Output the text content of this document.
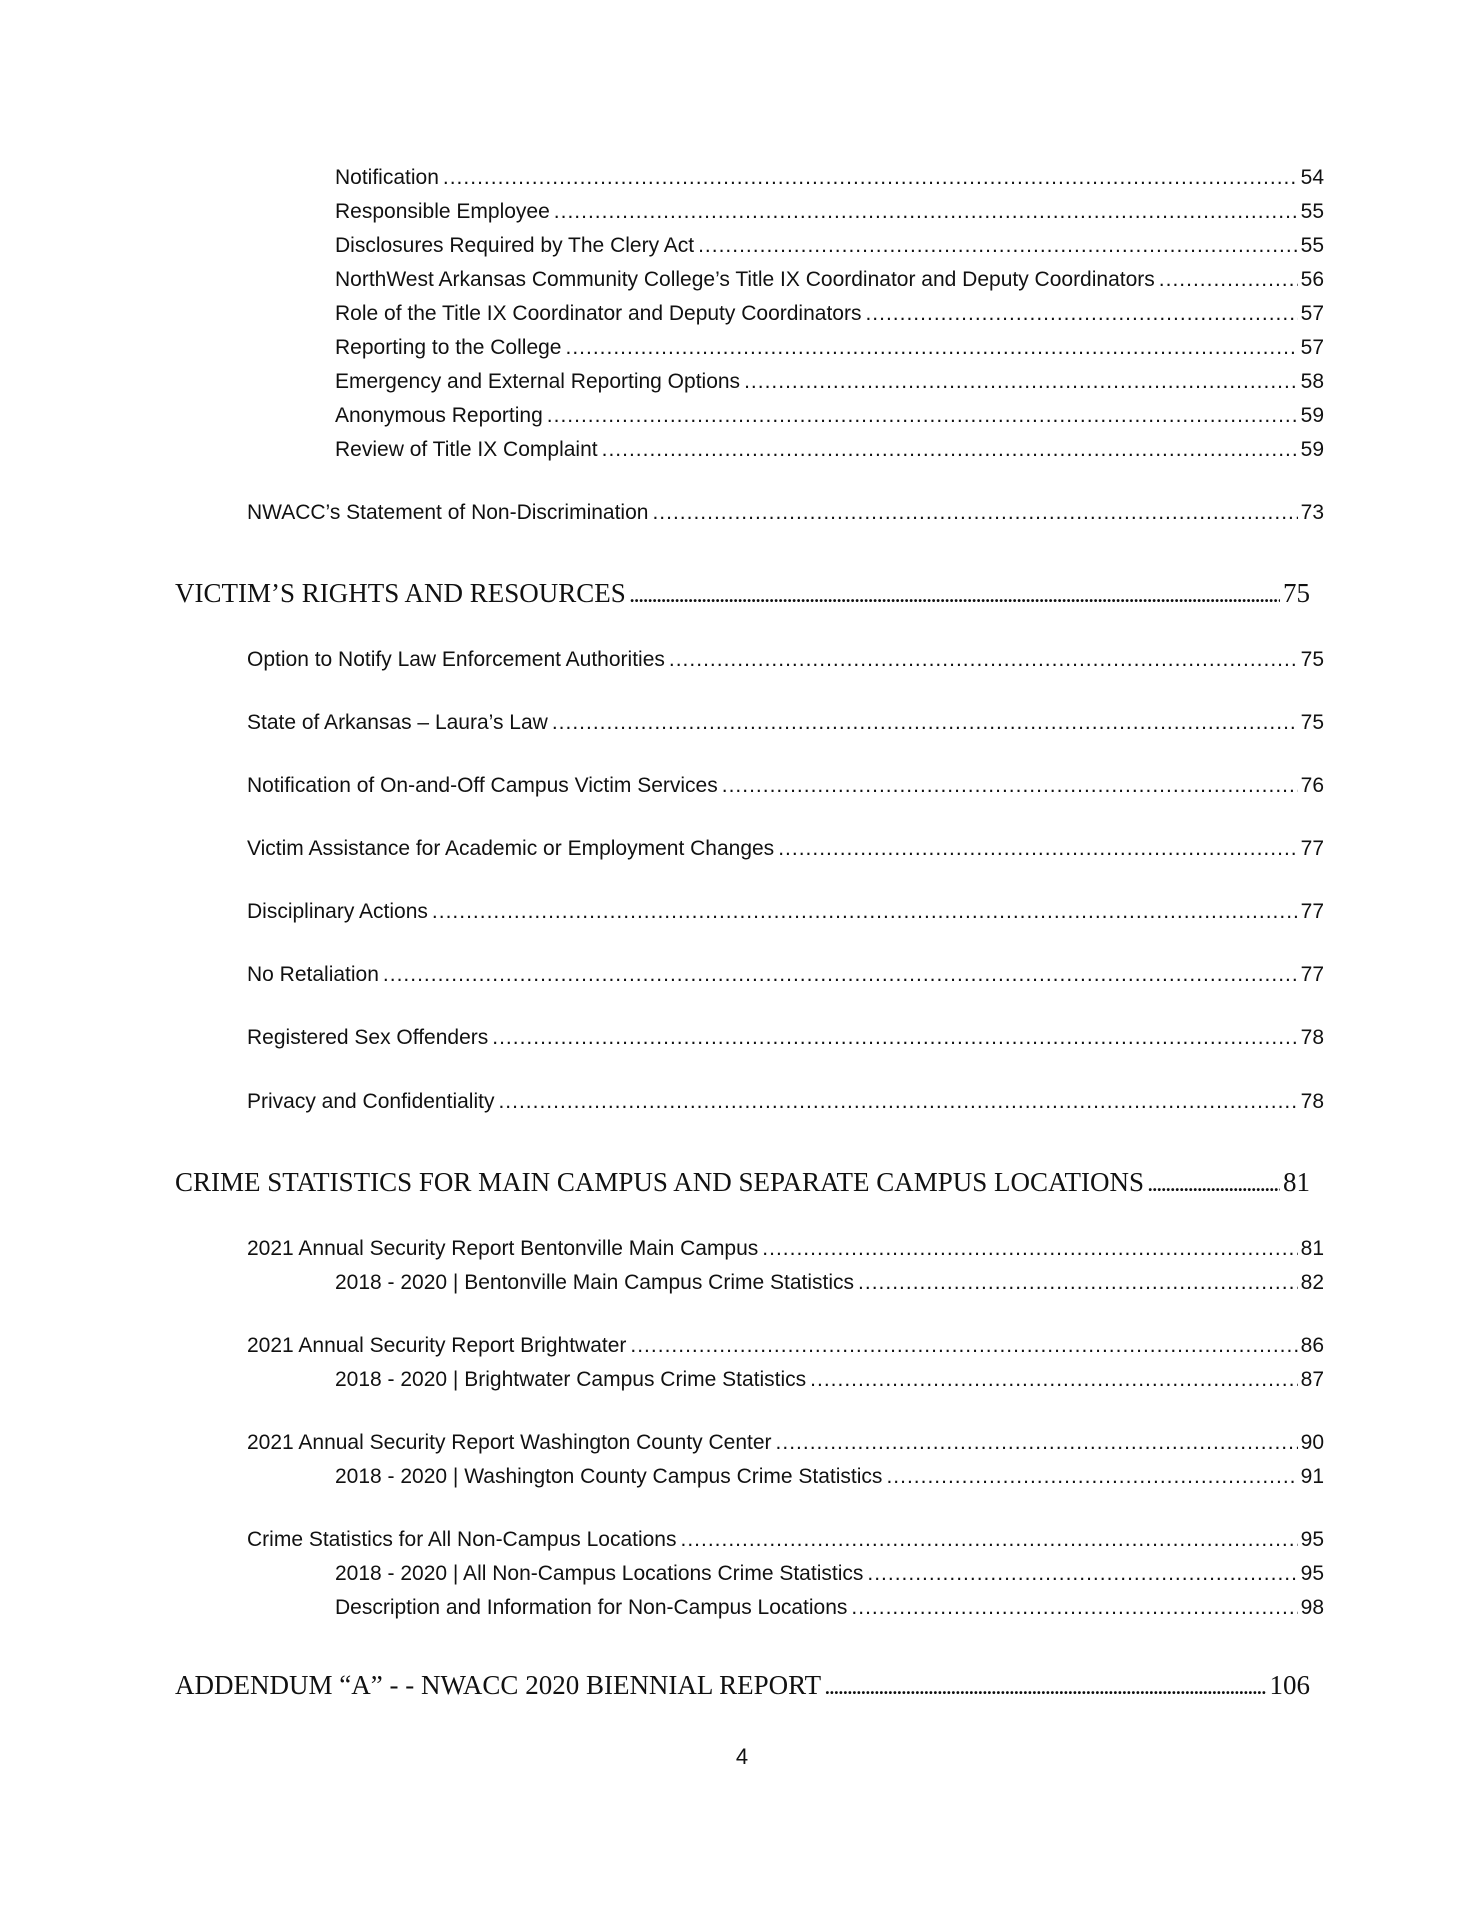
Notification .....	54
Responsible Employee .....	55
Disclosures Required by The Clery Act .....	55
NorthWest Arkansas Community College’s Title IX Coordinator and Deputy Coordinators .....	56
Role of the Title IX Coordinator and Deputy Coordinators .....	57
Reporting to the College .....	57
Emergency and External Reporting Options .....	58
Anonymous Reporting .....	59
Review of Title IX Complaint .....	59
NWACC’s Statement of Non-Discrimination .....	73
VICTIM’S RIGHTS AND RESOURCES .....	75
Option to Notify Law Enforcement Authorities .....	75
State of Arkansas – Laura’s Law .....	75
Notification of On-and-Off Campus Victim Services .....	76
Victim Assistance for Academic or Employment Changes .....	77
Disciplinary Actions .....	77
No Retaliation .....	77
Registered Sex Offenders .....	78
Privacy and Confidentiality .....	78
CRIME STATISTICS FOR MAIN CAMPUS AND SEPARATE CAMPUS LOCATIONS .....	81
2021 Annual Security Report Bentonville Main Campus .....	81
2018 - 2020 | Bentonville Main Campus Crime Statistics .....	82
2021 Annual Security Report Brightwater .....	86
2018 - 2020 | Brightwater Campus Crime Statistics .....	87
2021 Annual Security Report Washington County Center .....	90
2018 - 2020 | Washington County Campus Crime Statistics .....	91
Crime Statistics for All Non-Campus Locations .....	95
2018 - 2020 | All Non-Campus Locations Crime Statistics .....	95
Description and Information for Non-Campus Locations .....	98
ADDENDUM “A” - - NWACC 2020 BIENNIAL REPORT .....	106
4
